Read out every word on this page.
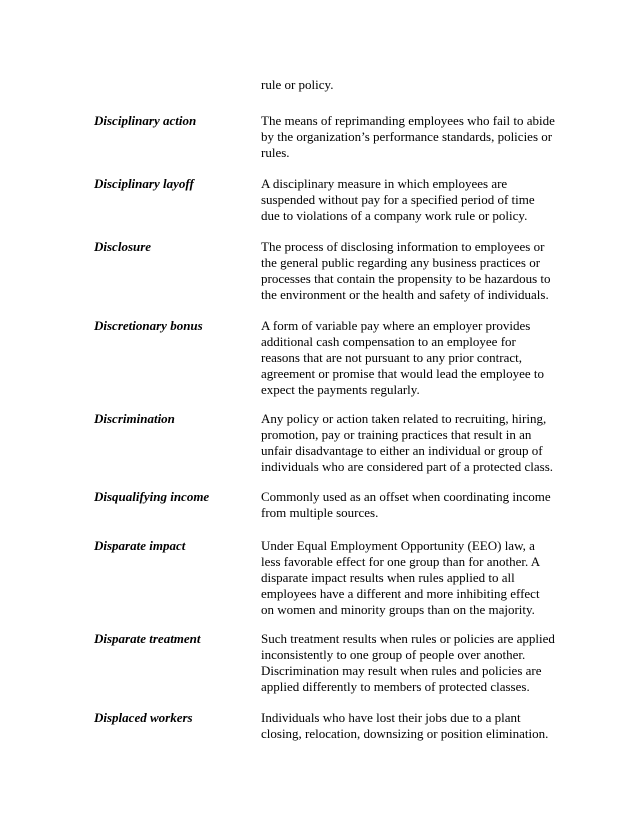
rule or policy.
Disciplinary action	The means of reprimanding employees who fail to abide
by the organization’s performance standards, policies or
rules.
Disciplinary layoff	A disciplinary measure in which employees are
suspended without pay for a specified period of time
due to violations of a company work rule or policy.
Disclosure	The process of disclosing information to employees or
the general public regarding any business practices or
processes that contain the propensity to be hazardous to
the environment or the health and safety of individuals.
Discretionary bonus	A form of variable pay where an employer provides
additional cash compensation to an employee for
reasons that are not pursuant to any prior contract,
agreement or promise that would lead the employee to
expect the payments regularly.
Discrimination	Any policy or action taken related to recruiting, hiring,
promotion, pay or training practices that result in an
unfair disadvantage to either an individual or group of
individuals who are considered part of a protected class.
Disqualifying income	Commonly used as an offset when coordinating income
from multiple sources.
Disparate impact	Under Equal Employment Opportunity (EEO) law, a
less favorable effect for one group than for another. A
disparate impact results when rules applied to all
employees have a different and more inhibiting effect
on women and minority groups than on the majority.
Disparate treatment	Such treatment results when rules or policies are applied
inconsistently to one group of people over another.
Discrimination may result when rules and policies are
applied differently to members of protected classes.
Displaced workers	Individuals who have lost their jobs due to a plant
closing, relocation, downsizing or position elimination.
